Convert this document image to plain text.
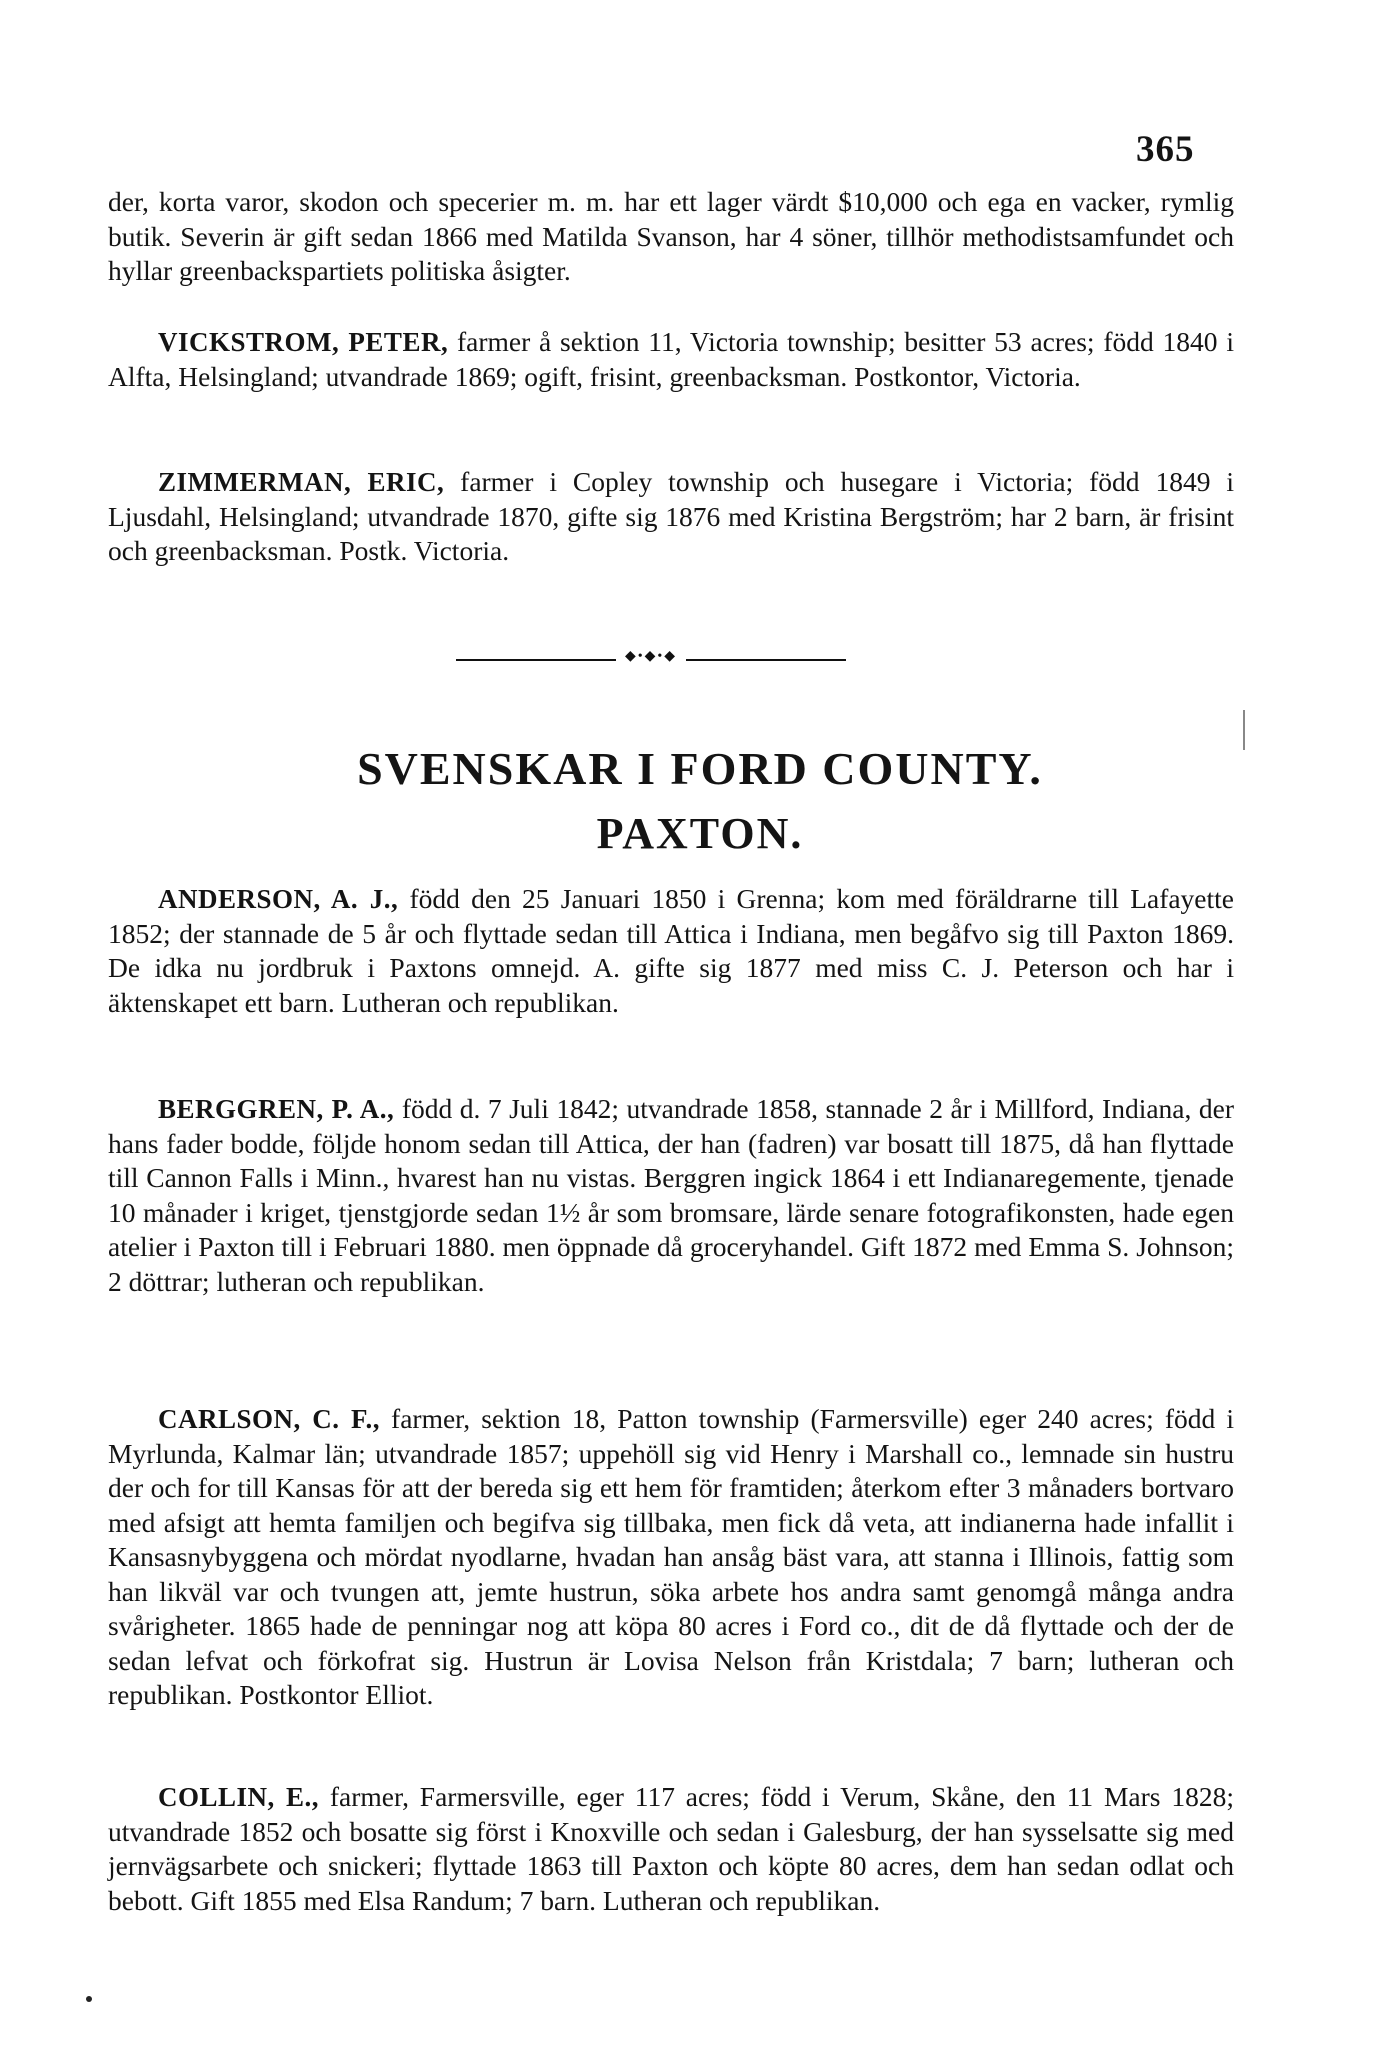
365

der, korta varor, skodon och specerier m. m. har ett lager värdt $10,000 och ega en vacker, rymlig butik. Severin är gift sedan 1866 med Matilda Svanson, har 4 söner, tillhör methodistsamfundet och hyllar greenbackspartiets politiska åsigter.

VICKSTROM, PETER, farmer å sektion 11, Victoria township; besitter 53 acres; född 1840 i Alfta, Helsingland; utvandrade 1869; ogift, frisint, greenbacksman. Postkontor, Victoria.

ZIMMERMAN, ERIC, farmer i Copley township och husegare i Victoria; född 1849 i Ljusdahl, Helsingland; utvandrade 1870, gifte sig 1876 med Kristina Bergström; har 2 barn, är frisint och greenbacksman. Postk. Victoria.

◆•◆•◆
SVENSKAR I FORD COUNTY.
PAXTON.

ANDERSON, A. J., född den 25 Januari 1850 i Grenna; kom med föräldrarne till Lafayette 1852; der stannade de 5 år och flyttade sedan till Attica i Indiana, men begåfvo sig till Paxton 1869. De idka nu jordbruk i Paxtons omnejd. A. gifte sig 1877 med miss C. J. Peterson och har i äktenskapet ett barn. Lutheran och republikan.

BERGGREN, P. A., född d. 7 Juli 1842; utvandrade 1858, stannade 2 år i Millford, Indiana, der hans fader bodde, följde honom sedan till Attica, der han (fadren) var bosatt till 1875, då han flyttade till Cannon Falls i Minn., hvarest han nu vistas. Berggren ingick 1864 i ett Indianaregemente, tjenade 10 månader i kriget, tjenstgjorde sedan 1½ år som bromsare, lärde senare fotografikonsten, hade egen atelier i Paxton till i Februari 1880. men öppnade då groceryhandel. Gift 1872 med Emma S. Johnson; 2 döttrar; lutheran och republikan.

CARLSON, C. F., farmer, sektion 18, Patton township (Farmersville) eger 240 acres; född i Myrlunda, Kalmar län; utvandrade 1857; uppehöll sig vid Henry i Marshall co., lemnade sin hustru der och for till Kansas för att der bereda sig ett hem för framtiden; återkom efter 3 månaders bortvaro med afsigt att hemta familjen och begifva sig tillbaka, men fick då veta, att indianerna hade infallit i Kansasnybyggena och mördat nyodlarne, hvadan han ansåg bäst vara, att stanna i Illinois, fattig som han likväl var och tvungen att, jemte hustrun, söka arbete hos andra samt genomgå många andra svårigheter. 1865 hade de penningar nog att köpa 80 acres i Ford co., dit de då flyttade och der de sedan lefvat och förkofrat sig. Hustrun är Lovisa Nelson från Kristdala; 7 barn; lutheran och republikan. Postkontor Elliot.

COLLIN, E., farmer, Farmersville, eger 117 acres; född i Verum, Skåne, den 11 Mars 1828; utvandrade 1852 och bosatte sig först i Knoxville och sedan i Galesburg, der han sysselsatte sig med jernvägsarbete och snickeri; flyttade 1863 till Paxton och köpte 80 acres, dem han sedan odlat och bebott. Gift 1855 med Elsa Randum; 7 barn. Lutheran och republikan.
